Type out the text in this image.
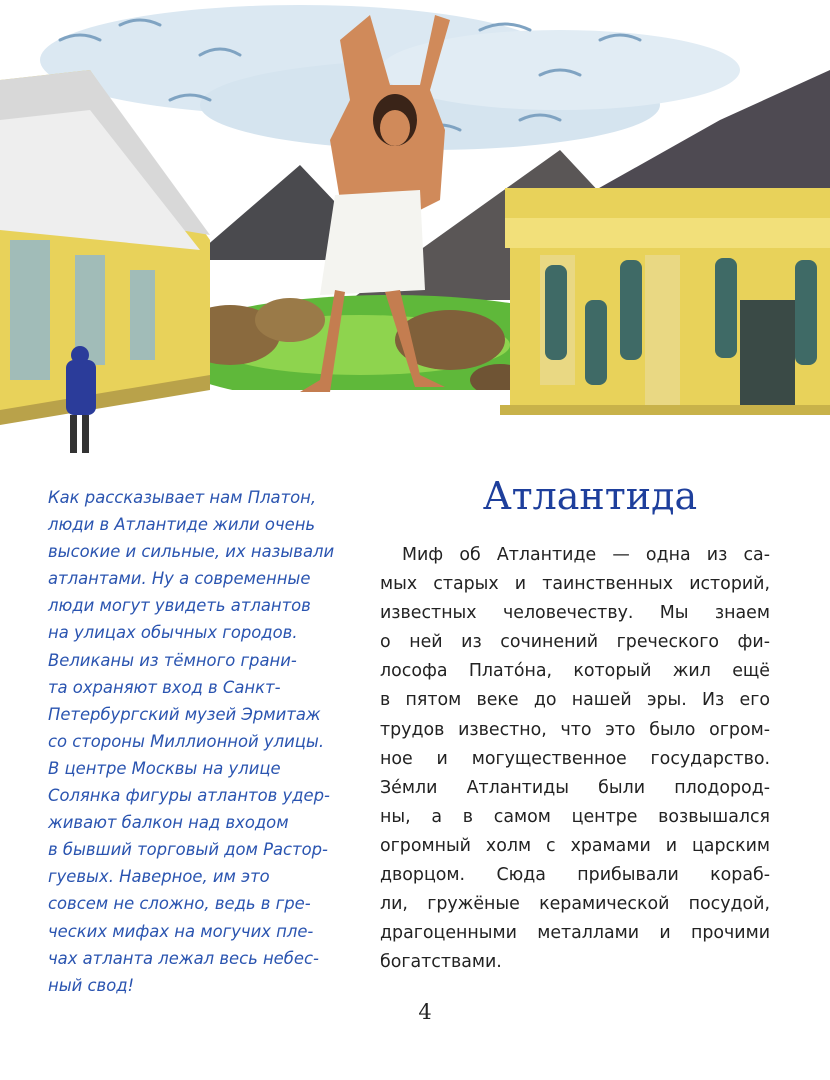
Как рассказывает нам Платон,
люди в Атлантиде жили очень
высокие и сильные, их называли
атлантами. Ну а современные
люди могут увидеть атлантов
на улицах обычных городов.
Великаны из тёмного грани-
та охраняют вход в Санкт-
Петербургский музей Эрмитаж
со стороны Миллионной улицы.
В центре Москвы на улице
Солянка фигуры атлантов удер-
живают балкон над входом
в бывший торговый дом Растор-
гуевых. Наверное, им это
совсем не сложно, ведь в гре-
ческих мифах на могучих пле-
чах атланта лежал весь небес-
ный свод!
Атлантида
Миф об Атлантиде — одна из са-
мых старых и таинственных историй,
известных человечеству. Мы знаем
о ней из сочинений греческого фи-
лософа Плато́на, который жил ещё
в пятом веке до нашей эры. Из его
трудов известно, что это было огром-
ное и могущественное государство.
Зе́мли Атлантиды были плодород-
ны, а в самом центре возвышался
огромный холм с храмами и царским
дворцом. Сюда прибывали кораб-
ли, гружёные керамической посудой,
драгоценными металлами и прочими
богатствами.
4
